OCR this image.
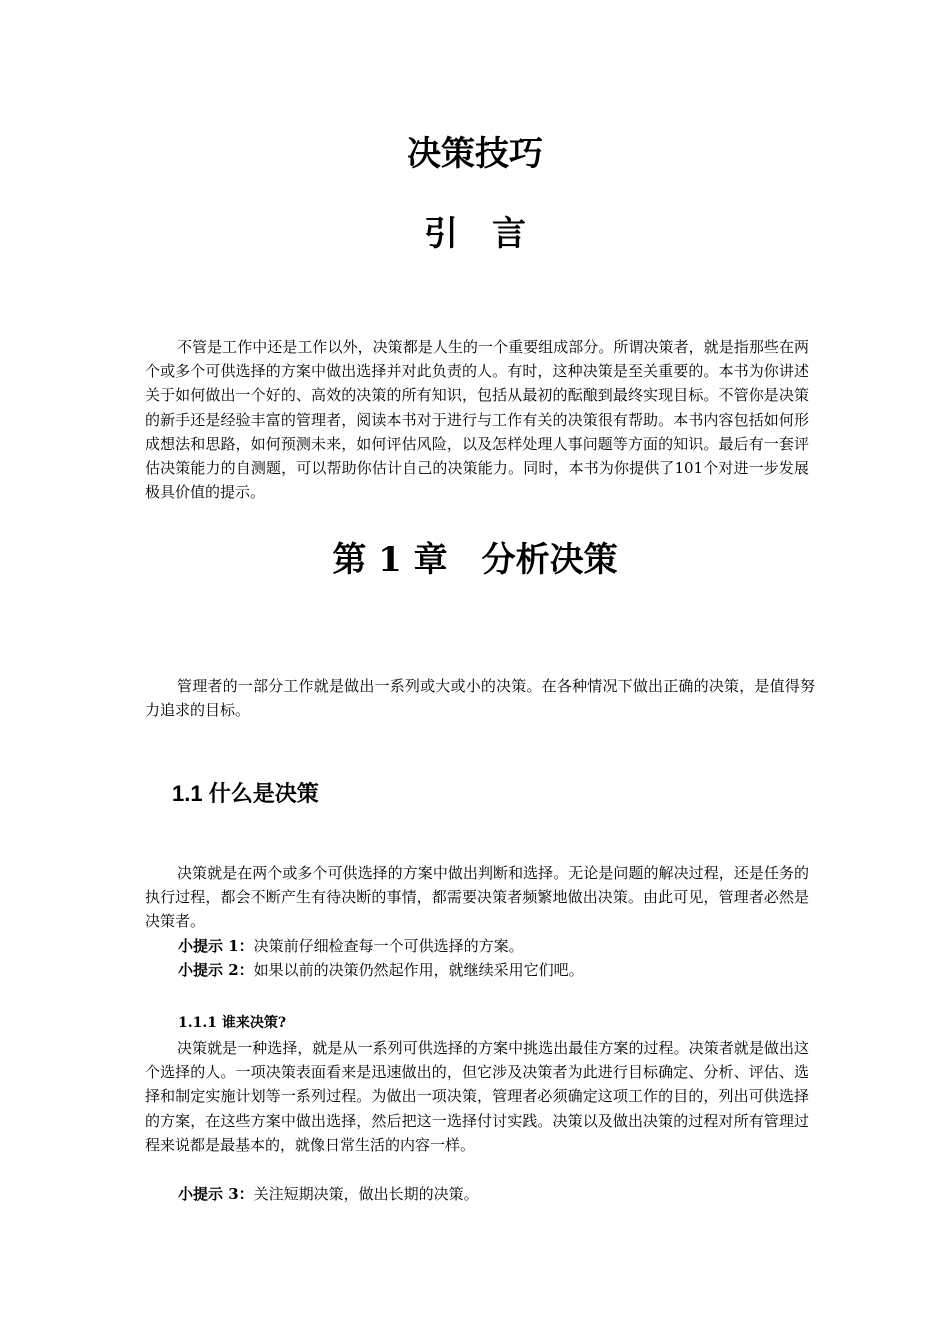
决策技巧
引言

不管是工作中还是工作以外，决策都是人生的一个重要组成部分。所谓决策者，就是指那些在两个或多个可供选择的方案中做出选择并对此负责的人。有时，这种决策是至关重要的。本书为你讲述关于如何做出一个好的、高效的决策的所有知识，包括从最初的酝酿到最终实现目标。不管你是决策的新手还是经验丰富的管理者，阅读本书对于进行与工作有关的决策很有帮助。本书内容包括如何形成想法和思路，如何预测未来，如何评估风险，以及怎样处理人事问题等方面的知识。最后有一套评估决策能力的自测题，可以帮助你估计自己的决策能力。同时，本书为你提供了101个对进一步发展极具价值的提示。

第 1 章　分析决策

管理者的一部分工作就是做出一系列或大或小的决策。在各种情况下做出正确的决策，是值得努力追求的目标。

1.1 什么是决策

决策就是在两个或多个可供选择的方案中做出判断和选择。无论是问题的解决过程，还是任务的执行过程，都会不断产生有待决断的事情，都需要决策者频繁地做出决策。由此可见，管理者必然是决策者。

小提示 1：决策前仔细检查每一个可供选择的方案。

小提示 2：如果以前的决策仍然起作用，就继续采用它们吧。

1.1.1 谁来决策?

决策就是一种选择，就是从一系列可供选择的方案中挑选出最佳方案的过程。决策者就是做出这个选择的人。一项决策表面看来是迅速做出的，但它涉及决策者为此进行目标确定、分析、评估、选择和制定实施计划等一系列过程。为做出一项决策，管理者必须确定这项工作的目的，列出可供选择的方案，在这些方案中做出选择，然后把这一选择付讨实践。决策以及做出决策的过程对所有管理过程来说都是最基本的，就像日常生活的内容一样。

小提示 3：关注短期决策，做出长期的决策。
